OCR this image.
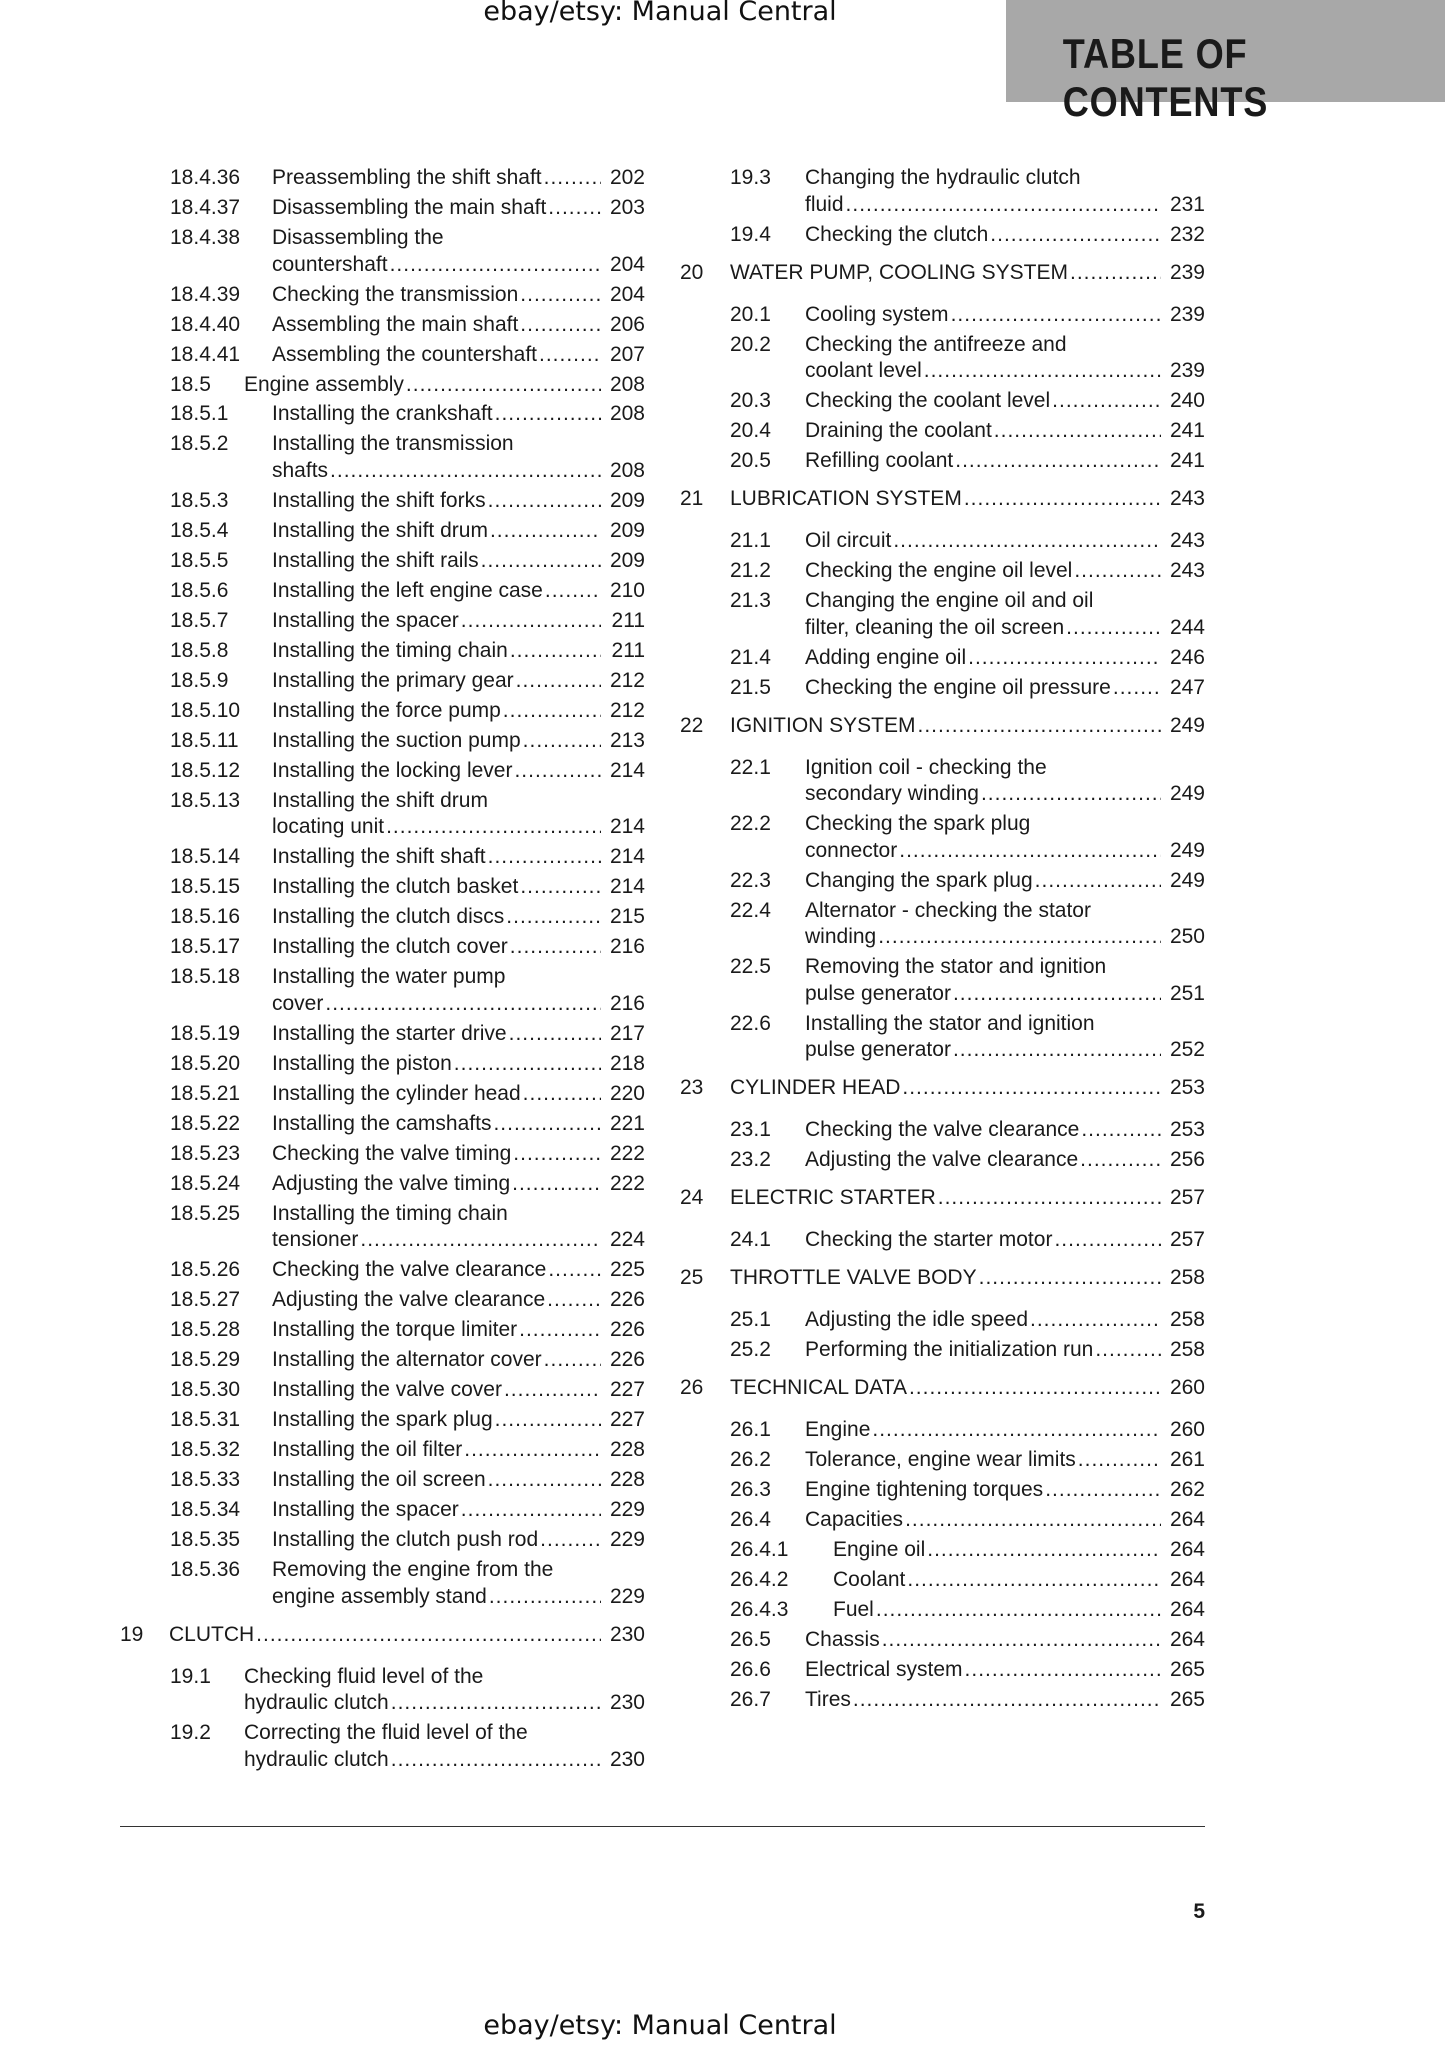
ebay/etsy: Manual Central
TABLE OF CONTENTS
18.4.36 Preassembling the shift shaft .....	202
18.4.37 Disassembling the main shaft .....	203
18.4.38 Disassembling the
countershaft .....	204
18.4.39 Checking the transmission .....	204
18.4.40 Assembling the main shaft .....	206
18.4.41 Assembling the countershaft .....	207
18.5 Engine assembly .....	208
18.5.1 Installing the crankshaft .....	208
18.5.2 Installing the transmission
shafts .....	208
18.5.3 Installing the shift forks .....	209
18.5.4 Installing the shift drum .....	209
18.5.5 Installing the shift rails .....	209
18.5.6 Installing the left engine case .....	210
18.5.7 Installing the spacer .....	211
18.5.8 Installing the timing chain .....	211
18.5.9 Installing the primary gear .....	212
18.5.10 Installing the force pump .....	212
18.5.11 Installing the suction pump .....	213
18.5.12 Installing the locking lever .....	214
18.5.13 Installing the shift drum
locating unit .....	214
18.5.14 Installing the shift shaft .....	214
18.5.15 Installing the clutch basket .....	214
18.5.16 Installing the clutch discs .....	215
18.5.17 Installing the clutch cover .....	216
18.5.18 Installing the water pump
cover .....	216
18.5.19 Installing the starter drive .....	217
18.5.20 Installing the piston .....	218
18.5.21 Installing the cylinder head .....	220
18.5.22 Installing the camshafts .....	221
18.5.23 Checking the valve timing .....	222
18.5.24 Adjusting the valve timing .....	222
18.5.25 Installing the timing chain
tensioner .....	224
18.5.26 Checking the valve clearance .....	225
18.5.27 Adjusting the valve clearance .....	226
18.5.28 Installing the torque limiter .....	226
18.5.29 Installing the alternator cover .....	226
18.5.30 Installing the valve cover .....	227
18.5.31 Installing the spark plug .....	227
18.5.32 Installing the oil filter .....	228
18.5.33 Installing the oil screen .....	228
18.5.34 Installing the spacer .....	229
18.5.35 Installing the clutch push rod .....	229
18.5.36 Removing the engine from the
engine assembly stand .....	229
19 CLUTCH .....	230
19.1 Checking fluid level of the
hydraulic clutch .....	230
19.2 Correcting the fluid level of the
hydraulic clutch .....	230
19.3 Changing the hydraulic clutch
fluid .....	231
19.4 Checking the clutch .....	232
20 WATER PUMP, COOLING SYSTEM .....	239
20.1 Cooling system .....	239
20.2 Checking the antifreeze and
coolant level .....	239
20.3 Checking the coolant level .....	240
20.4 Draining the coolant .....	241
20.5 Refilling coolant .....	241
21 LUBRICATION SYSTEM .....	243
21.1 Oil circuit .....	243
21.2 Checking the engine oil level .....	243
21.3 Changing the engine oil and oil
filter, cleaning the oil screen .....	244
21.4 Adding engine oil .....	246
21.5 Checking the engine oil pressure .....	247
22 IGNITION SYSTEM .....	249
22.1 Ignition coil - checking the
secondary winding .....	249
22.2 Checking the spark plug
connector .....	249
22.3 Changing the spark plug .....	249
22.4 Alternator - checking the stator
winding .....	250
22.5 Removing the stator and ignition
pulse generator .....	251
22.6 Installing the stator and ignition
pulse generator .....	252
23 CYLINDER HEAD .....	253
23.1 Checking the valve clearance .....	253
23.2 Adjusting the valve clearance .....	256
24 ELECTRIC STARTER .....	257
24.1 Checking the starter motor .....	257
25 THROTTLE VALVE BODY .....	258
25.1 Adjusting the idle speed .....	258
25.2 Performing the initialization run .....	258
26 TECHNICAL DATA .....	260
26.1 Engine .....	260
26.2 Tolerance, engine wear limits .....	261
26.3 Engine tightening torques .....	262
26.4 Capacities .....	264
26.4.1 Engine oil .....	264
26.4.2 Coolant .....	264
26.4.3 Fuel .....	264
26.5 Chassis .....	264
26.6 Electrical system .....	265
26.7 Tires .....	265
5
ebay/etsy: Manual Central
